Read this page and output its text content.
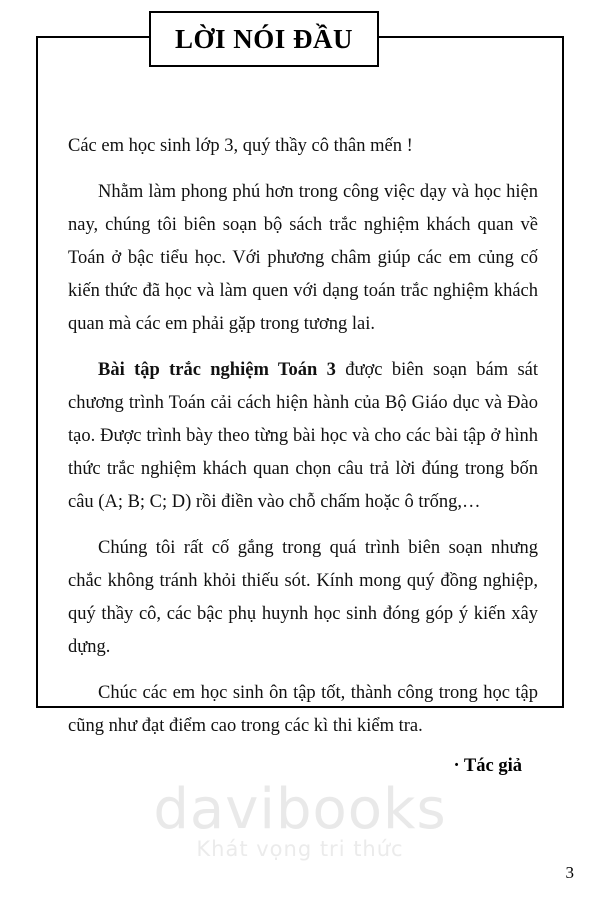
LỜI NÓI ĐẦU

Các em học sinh lớp 3, quý thầy cô thân mến !

Nhằm làm phong phú hơn trong công việc dạy và học hiện nay, chúng tôi biên soạn bộ sách trắc nghiệm khách quan về Toán ở bậc tiểu học. Với phương châm giúp các em củng cố kiến thức đã học và làm quen với dạng toán trắc nghiệm khách quan mà các em phải gặp trong tương lai.

Bài tập trắc nghiệm Toán 3 được biên soạn bám sát chương trình Toán cải cách hiện hành của Bộ Giáo dục và Đào tạo. Được trình bày theo từng bài học và cho các bài tập ở hình thức trắc nghiệm khách quan chọn câu trả lời đúng trong bốn câu (A; B; C; D) rồi điền vào chỗ chấm hoặc ô trống,…

Chúng tôi rất cố gắng trong quá trình biên soạn nhưng chắc không tránh khỏi thiếu sót. Kính mong quý đồng nghiệp, quý thầy cô, các bậc phụ huynh học sinh đóng góp ý kiến xây dựng.

Chúc các em học sinh ôn tập tốt, thành công trong học tập cũng như đạt điểm cao trong các kì thi kiểm tra.

· Tác giả

davibooks
Khát vọng tri thức
3
